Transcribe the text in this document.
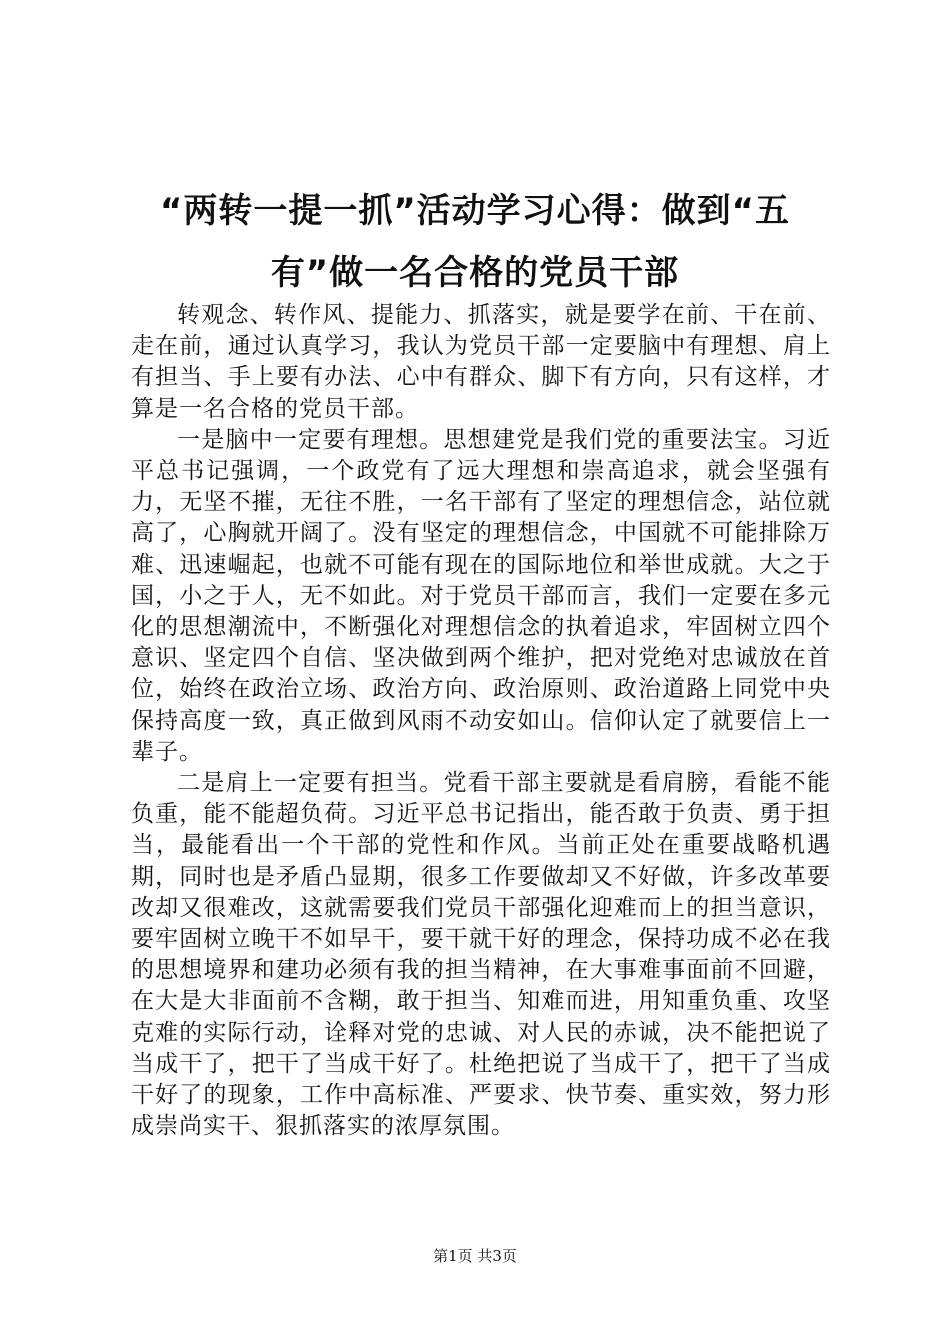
“两转一提一抓”活动学习心得：做到“五有”做一名合格的党员干部

转观念、转作风、提能力、抓落实，就是要学在前、干在前、走在前，通过认真学习，我认为党员干部一定要脑中有理想、肩上有担当、手上要有办法、心中有群众、脚下有方向，只有这样，才算是一名合格的党员干部。

一是脑中一定要有理想。思想建党是我们党的重要法宝。习近平总书记强调，一个政党有了远大理想和崇高追求，就会坚强有力，无坚不摧，无往不胜，一名干部有了坚定的理想信念，站位就高了，心胸就开阔了。没有坚定的理想信念，中国就不可能排除万难、迅速崛起，也就不可能有现在的国际地位和举世成就。大之于国，小之于人，无不如此。对于党员干部而言，我们一定要在多元化的思想潮流中，不断强化对理想信念的执着追求，牢固树立四个意识、坚定四个自信、坚决做到两个维护，把对党绝对忠诚放在首位，始终在政治立场、政治方向、政治原则、政治道路上同党中央保持高度一致，真正做到风雨不动安如山。信仰认定了就要信上一辈子。

二是肩上一定要有担当。党看干部主要就是看肩膀，看能不能负重，能不能超负荷。习近平总书记指出，能否敢于负责、勇于担当，最能看出一个干部的党性和作风。当前正处在重要战略机遇期，同时也是矛盾凸显期，很多工作要做却又不好做，许多改革要改却又很难改，这就需要我们党员干部强化迎难而上的担当意识，要牢固树立晚干不如早干，要干就干好的理念，保持功成不必在我的思想境界和建功必须有我的担当精神，在大事难事面前不回避，在大是大非面前不含糊，敢于担当、知难而进，用知重负重、攻坚克难的实际行动，诠释对党的忠诚、对人民的赤诚，决不能把说了当成干了，把干了当成干好了。杜绝把说了当成干了，把干了当成干好了的现象，工作中高标准、严要求、快节奏、重实效，努力形成崇尚实干、狠抓落实的浓厚氛围。

第1页 共3页
